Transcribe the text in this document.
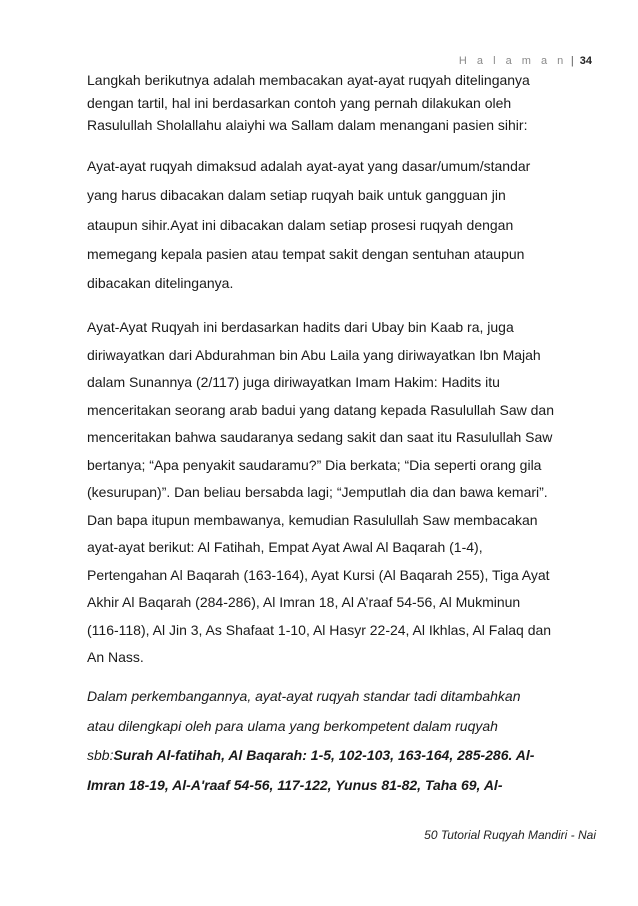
H a l a m a n | 34
Langkah berikutnya adalah membacakan ayat-ayat ruqyah ditelinganya
dengan tartil, hal ini berdasarkan contoh yang pernah dilakukan oleh
Rasulullah Sholallahu alaiyhi wa Sallam dalam menangani pasien sihir:
Ayat-ayat ruqyah dimaksud adalah ayat-ayat yang dasar/umum/standar
yang harus dibacakan dalam setiap ruqyah baik untuk gangguan jin
ataupun sihir.Ayat ini dibacakan dalam setiap prosesi ruqyah dengan
memegang kepala pasien atau tempat sakit dengan sentuhan ataupun
dibacakan ditelinganya.
Ayat-Ayat Ruqyah ini berdasarkan hadits dari Ubay bin Kaab ra, juga
diriwayatkan dari Abdurahman bin Abu Laila yang diriwayatkan Ibn Majah
dalam Sunannya (2/117) juga diriwayatkan Imam Hakim: Hadits itu
menceritakan seorang arab badui yang datang kepada Rasulullah Saw dan
menceritakan bahwa saudaranya sedang sakit dan saat itu Rasulullah Saw
bertanya; “Apa penyakit saudaramu?” Dia berkata; “Dia seperti orang gila
(kesurupan)”. Dan beliau bersabda lagi; “Jemputlah dia dan bawa kemari”.
Dan bapa itupun membawanya, kemudian Rasulullah Saw membacakan
ayat-ayat berikut: Al Fatihah, Empat Ayat Awal Al Baqarah (1-4),
Pertengahan Al Baqarah (163-164), Ayat Kursi (Al Baqarah 255), Tiga Ayat
Akhir Al Baqarah (284-286), Al Imran 18, Al A’raaf 54-56, Al Mukminun
(116-118), Al Jin 3, As Shafaat 1-10, Al Hasyr 22-24, Al Ikhlas, Al Falaq dan
An Nass.
Dalam perkembangannya, ayat-ayat ruqyah standar tadi ditambahkan
atau dilengkapi oleh para ulama yang berkompetent dalam ruqyah
sbb:Surah Al-fatihah, Al Baqarah: 1-5, 102-103, 163-164, 285-286. Al-
Imran 18-19, Al-A'raaf 54-56, 117-122, Yunus 81-82, Taha 69, Al-
50 Tutorial Ruqyah Mandiri - Nai
